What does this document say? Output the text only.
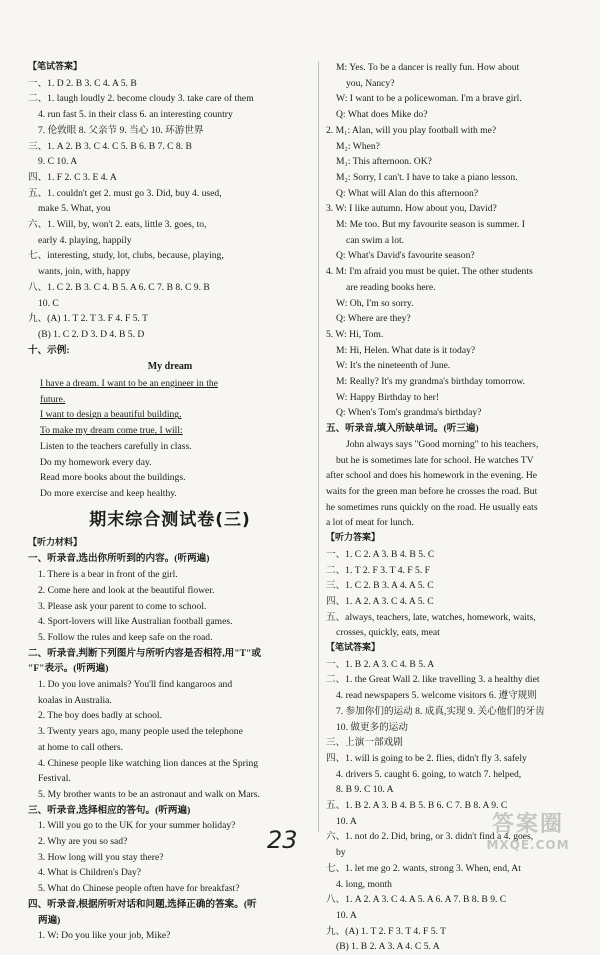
【笔试答案】
一、1. D 2. B 3. C 4. A 5. B
二、1. laugh loudly 2. become cloudy 3. take care of them
4. run fast 5. in their class 6. an interesting country
7. 伦敦眼 8. 父亲节 9. 当心 10. 环游世界
三、1. A 2. B 3. C 4. C 5. B 6. B 7. C 8. B
9. C 10. A
四、1. F 2. C 3. E 4. A
五、1. couldn't get 2. must go 3. Did, buy 4. used,
make 5. What, you
六、1. Will, by, won't 2. eats, little 3. goes, to,
early 4. playing, happily
七、interesting, study, lot, clubs, because, playing,
wants, join, with, happy
八、1. C 2. B 3. C 4. B 5. A 6. C 7. B 8. C 9. B
10. C
九、(A) 1. T 2. T 3. F 4. F 5. T
(B) 1. C 2. D 3. D 4. B 5. D
十、示例:
My dream
I have a dream. I want to be an engineer in the
future.
I want to design a beautiful building.
To make my dream come true, I will:
Listen to the teachers carefully in class.
Do my homework every day.
Read more books about the buildings.
Do more exercise and keep healthy.
期末综合测试卷(三)
【听力材料】
一、听录音,选出你所听到的内容。(听两遍)
1. There is a bear in front of the girl.
2. Come here and look at the beautiful flower.
3. Please ask your parent to come to school.
4. Sport-lovers will like Australian football games.
5. Follow the rules and keep safe on the road.
二、听录音,判断下列图片与所听内容是否相符,用"T"或
"F"表示。(听两遍)
1. Do you love animals? You'll find kangaroos and
koalas in Australia.
2. The boy does badly at school.
3. Twenty years ago, many people used the telephone
at home to call others.
4. Chinese people like watching lion dances at the Spring
Festival.
5. My brother wants to be an astronaut and walk on Mars.
三、听录音,选择相应的答句。(听两遍)
1. Will you go to the UK for your summer holiday?
2. Why are you so sad?
3. How long will you stay there?
4. What is Children's Day?
5. What do Chinese people often have for breakfast?
四、听录音,根据所听对话和问题,选择正确的答案。(听
两遍)
1. W: Do you like your job, Mike?
M: Yes. To be a dancer is really fun. How about
you, Nancy?
W: I want to be a policewoman. I'm a brave girl.
Q: What does Mike do?
2. M₁: Alan, will you play football with me?
M₂: When?
M₁: This afternoon. OK?
M₂: Sorry, I can't. I have to take a piano lesson.
Q: What will Alan do this afternoon?
3. W: I like autumn. How about you, David?
M: Me too. But my favourite season is summer. I
can swim a lot.
Q: What's David's favourite season?
4. M: I'm afraid you must be quiet. The other students
are reading books here.
W: Oh, I'm so sorry.
Q: Where are they?
5. W: Hi, Tom.
M: Hi, Helen. What date is it today?
W: It's the nineteenth of June.
M: Really? It's my grandma's birthday tomorrow.
W: Happy Birthday to her!
Q: When's Tom's grandma's birthday?
五、听录音,填入所缺单词。(听三遍)
John always says "Good morning" to his teachers,
but he is sometimes late for school. He watches TV
after school and does his homework in the evening. He
waits for the green man before he crosses the road. But
he sometimes runs quickly on the road. He usually eats
a lot of meat for lunch.
【听力答案】
一、1. C 2. A 3. B 4. B 5. C
二、1. T 2. F 3. T 4. F 5. F
三、1. C 2. B 3. A 4. A 5. C
四、1. A 2. A 3. C 4. A 5. C
五、always, teachers, late, watches, homework, waits,
crosses, quickly, eats, meat
【笔试答案】
一、1. B 2. A 3. C 4. B 5. A
二、1. the Great Wall 2. like travelling 3. a healthy diet
4. read newspapers 5. welcome visitors 6. 遵守规则
7. 参加你们的运动 8. 成真,实现 9. 关心他们的牙齿
10. 做更多的运动
三、上演一部戏剧
四、1. will is going to be 2. flies, didn't fly 3. safely
4. drivers 5. caught 6. going, to watch 7. helped,
8. B 9. C 10. A
五、1. B 2. A 3. B 4. B 5. B 6. C 7. B 8. A 9. C
10. A
六、1. not do 2. Did, bring, or 3. didn't find a 4. goes,
by
七、1. let me go 2. wants, strong 3. When, end, At
4. long, month
八、1. A 2. A 3. C 4. A 5. A 6. A 7. B 8. B 9. C
10. A
九、(A) 1. T 2. F 3. T 4. F 5. T
(B) 1. B 2. A 3. A 4. C 5. A
23
答案圈
MXQE.COM
